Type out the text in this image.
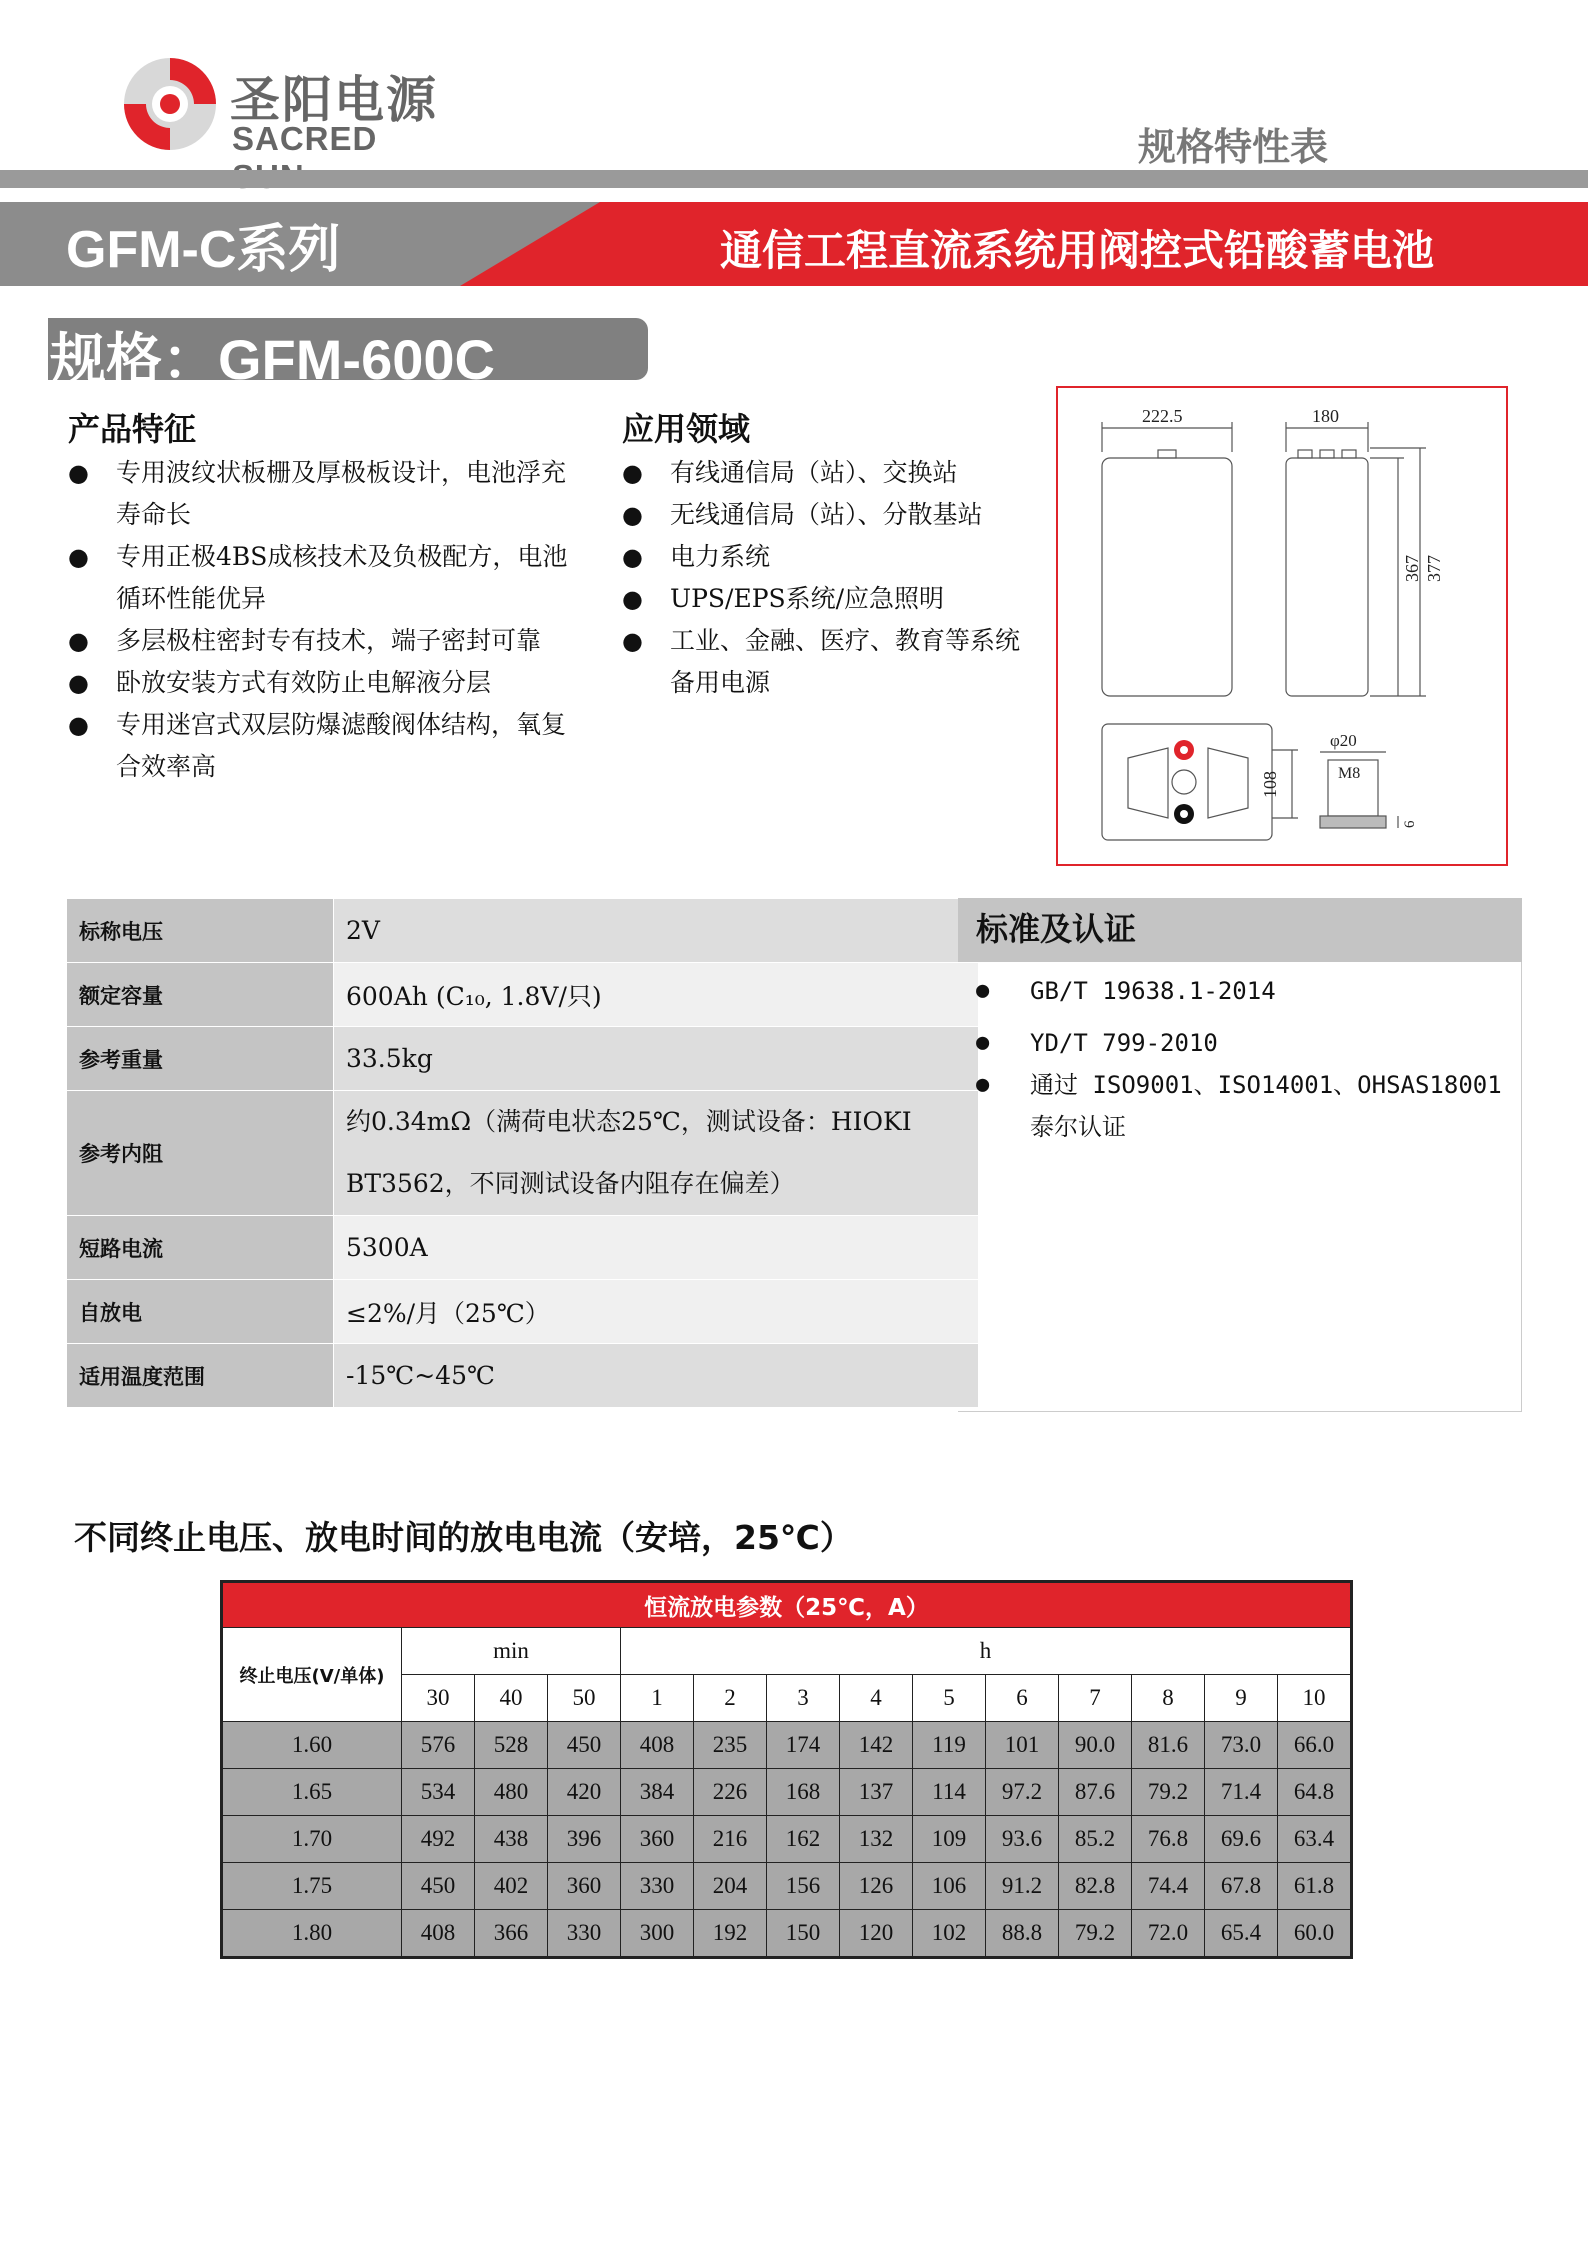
圣阳电源
SACRED	规格特性表
GFM-C系列	通信工程直流系统用阀控式铅酸蓄电池
规格：GFM-600C
产品特征
● 专用波纹状板栅及厚极板设计，电池浮充寿命长
● 专用正极4BS成核技术及负极配方，电池循环性能优异
● 多层极柱密封专有技术，端子密封可靠
● 卧放安装方式有效防止电解液分层
● 专用迷宫式双层防爆滤酸阀体结构，氧复合效率高
应用领域
● 有线通信局（站）、交换站
● 无线通信局（站）、分散基站
● 电力系统
● UPS/EPS系统/应急照明
● 工业、金融、医疗、教育等系统备用电源
222.5	180
367 377
108
φ20
M8
6
标称电压	2V
额定容量	600Ah (C₁₀, 1.8V/只)
参考重量	33.5kg
参考内阻	约0.34mΩ（满荷电状态25℃，测试设备：HIOKI BT3562，不同测试设备内阻存在偏差）
短路电流	5300A
自放电	≤2%/月（25℃）
适用温度范围	-15℃~45℃
标准及认证
● GB/T 19638.1-2014
● YD/T 799-2010
● 通过 ISO9001、ISO14001、OHSAS18001 泰尔认证
不同终止电压、放电时间的放电电流（安培，25℃）
恒流放电参数（25℃，A）													
终止电压(V/单体)	min			h									
	30	40	50	1	2	3	4	5	6	7	8	9	10
1.60	576	528	450	408	235	174	142	119	101	90.0	81.6	73.0	66.0
1.65	534	480	420	384	226	168	137	114	97.2	87.6	79.2	71.4	64.8
1.70	492	438	396	360	216	162	132	109	93.6	85.2	76.8	69.6	63.4
1.75	450	402	360	330	204	156	126	106	91.2	82.8	74.4	67.8	61.8
1.80	408	366	330	300	192	150	120	102	88.8	79.2	72.0	65.4	60.0
